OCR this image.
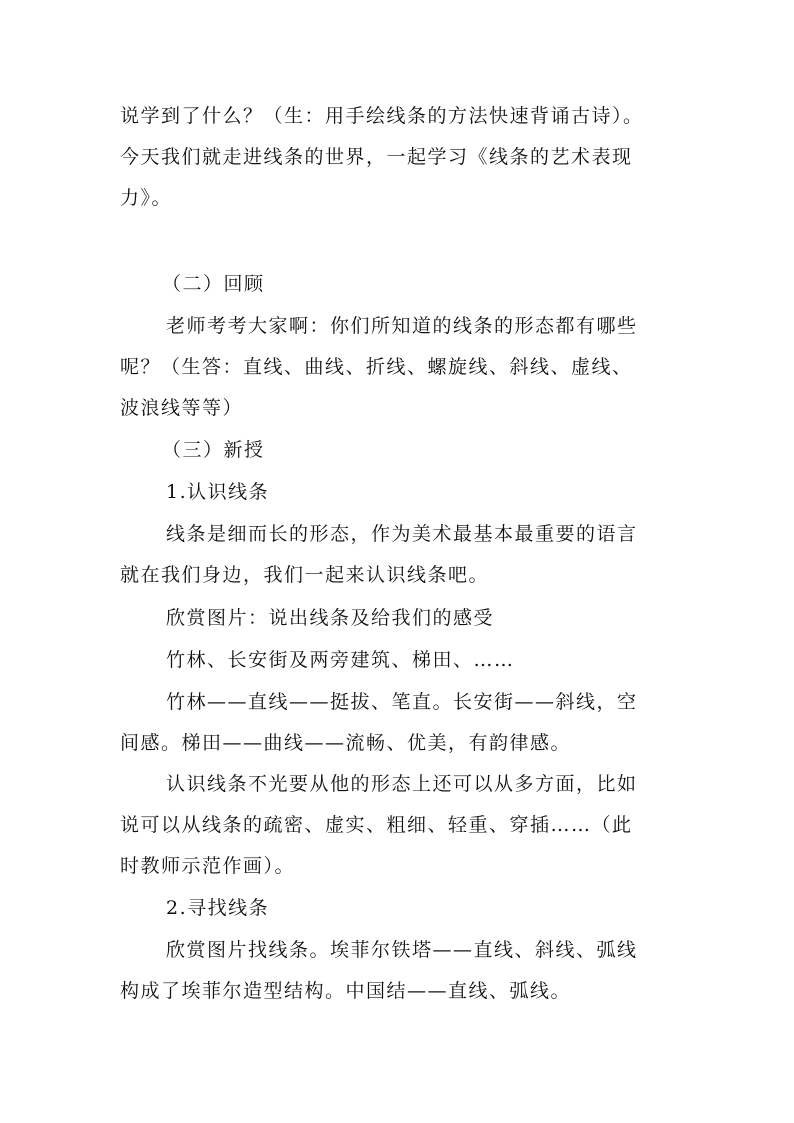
说学到了什么？（生：用手绘线条的方法快速背诵古诗）。
今天我们就走进线条的世界，一起学习《线条的艺术表现
力》。
（二）回顾
老师考考大家啊：你们所知道的线条的形态都有哪些
呢？（生答：直线、曲线、折线、螺旋线、斜线、虚线、
波浪线等等）
（三）新授
1.认识线条
线条是细而长的形态，作为美术最基本最重要的语言
就在我们身边，我们一起来认识线条吧。
欣赏图片：说出线条及给我们的感受
竹林、长安街及两旁建筑、梯田、……
竹林——直线——挺拔、笔直。长安街——斜线，空
间感。梯田——曲线——流畅、优美，有韵律感。
认识线条不光要从他的形态上还可以从多方面，比如
说可以从线条的疏密、虚实、粗细、轻重、穿插……（此
时教师示范作画）。
2.寻找线条
欣赏图片找线条。埃菲尔铁塔——直线、斜线、弧线
构成了埃菲尔造型结构。中国结——直线、弧线。
